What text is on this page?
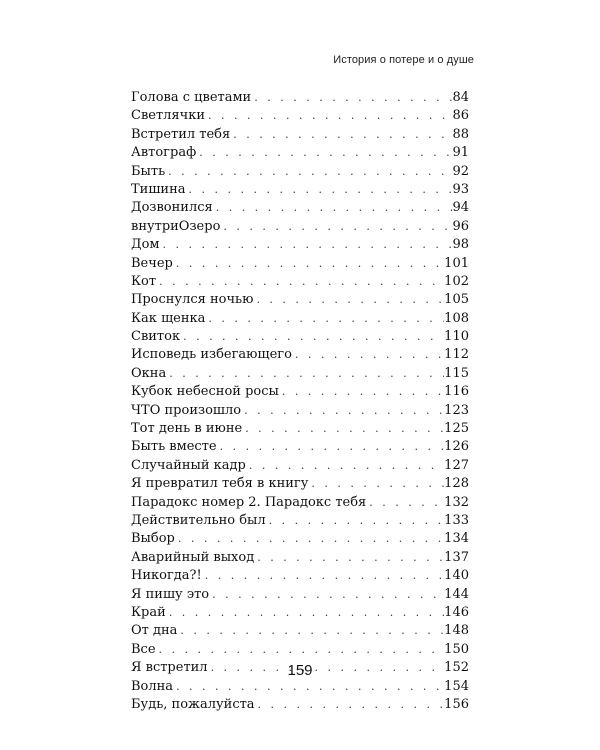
История о потере и о душе
Голова с цветами . . .	84
Светлячки . . .	86
Встретил тебя . . .	88
Автограф . . .	91
Быть . . .	92
Тишина . . .	93
Дозвонился . . .	94
внутриОзеро . . .	96
Дом . . .	98
Вечер . . .	101
Кот . . .	102
Проснулся ночью . . .	105
Как щенка . . .	108
Свиток . . .	110
Исповедь избегающего . . .	112
Окна . . .	115
Кубок небесной росы . . .	116
ЧТО произошло . . .	123
Тот день в июне . . .	125
Быть вместе . . .	126
Случайный кадр . . .	127
Я превратил тебя в книгу . . .	128
Парадокс номер 2. Парадокс тебя . . .	132
Действительно был . . .	133
Выбор . . .	134
Аварийный выход . . .	137
Никогда?! . . .	140
Я пишу это . . .	144
Край . . .	146
От дна . . .	148
Все . . .	150
Я встретил . . .	152
Волна . . .	154
Будь, пожалуйста . . .	156
159
